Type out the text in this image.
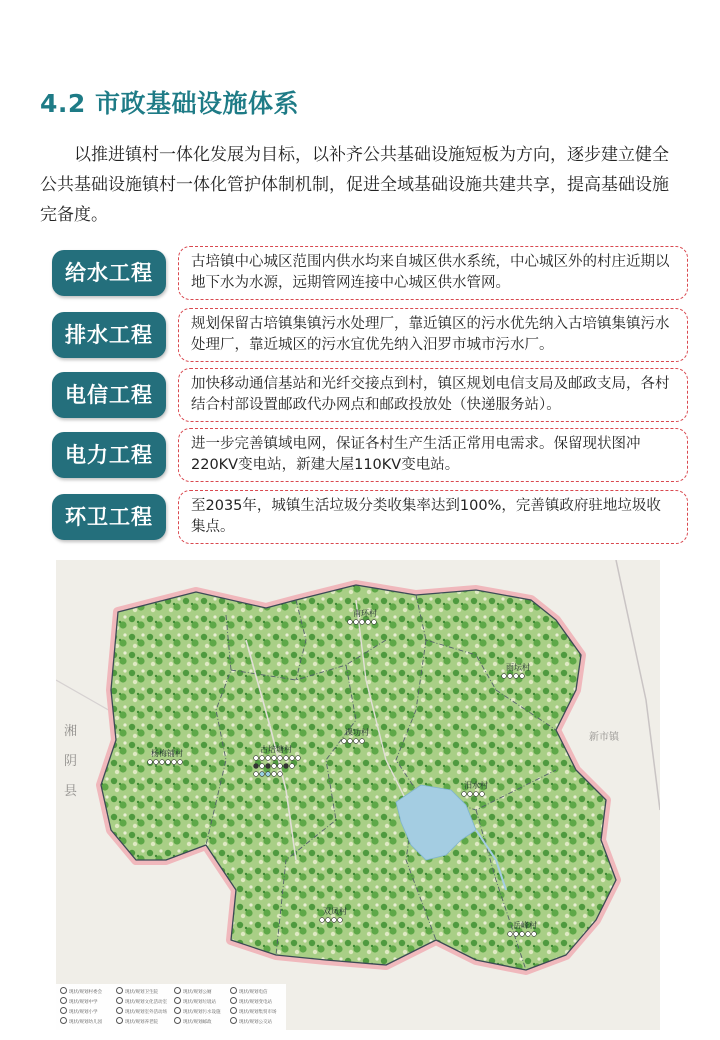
4.2 市政基础设施体系

以推进镇村一体化发展为目标，以补齐公共基础设施短板为方向，逐步建立健全公共基础设施镇村一体化管护体制机制，促进全域基础设施共建共享，提高基础设施完备度。

给水工程	古培镇中心城区范围内供水均来自城区供水系统，中心城区外的村庄近期以地下水为水源，远期管网连接中心城区供水管网。
排水工程	规划保留古培镇集镇污水处理厂，靠近镇区的污水优先纳入古培镇集镇污水处理厂，靠近城区的污水宜优先纳入汨罗市城市污水厂。
电信工程	加快移动通信基站和光纤交接点到村，镇区规划电信支局及邮政支局，各村结合村部设置邮政代办网点和邮政投放处（快递服务站）。
电力工程	进一步完善镇域电网，保证各村生产生活正常用电需求。保留现状图冲220KV变电站，新建大屋110KV变电站。
环卫工程	至2035年，城镇生活垃圾分类收集率达到100%，完善镇政府驻地垃圾收集点。
湘
阴
县
新市镇
南环村
雨坛村
课功村
杨梅铺村	古培塘村
汨水村
双凤村
岳峰村
现状/规划村委会
现状/规划中学
现状/规划小学
现状/规划幼儿园
现状/规划卫生院
现状/规划文化活动室
现状/规划室外活动场
现状/规划养老院
现状/规划公厕
现状/规划垃圾站
现状/规划污水设施
现状/规划邮政
现状/规划电信
现状/规划变电站
现状/规划集贸市场
现状/规划公交站
